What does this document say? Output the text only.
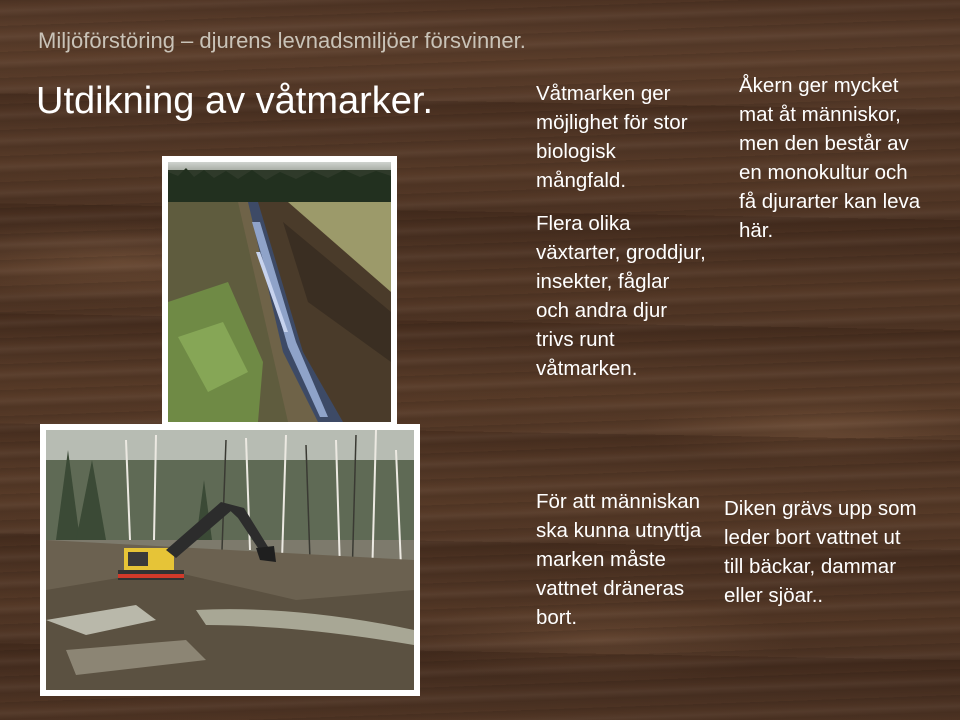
Miljöförstöring – djurens levnadsmiljöer försvinner.
Utdikning av våtmarker.	Våtmarken ger möjlighet för stor biologisk mångfald.

Flera olika växtarter, groddjur, insekter, fåglar och andra djur trivs runt våtmarken.

Åkern ger mycket mat åt människor, men den består av en monokultur och få djurarter kan leva här.
För att människan ska kunna utnyttja marken måste vattnet dräneras bort.
Diken grävs upp som leder bort vattnet ut till bäckar, dammar eller sjöar..
